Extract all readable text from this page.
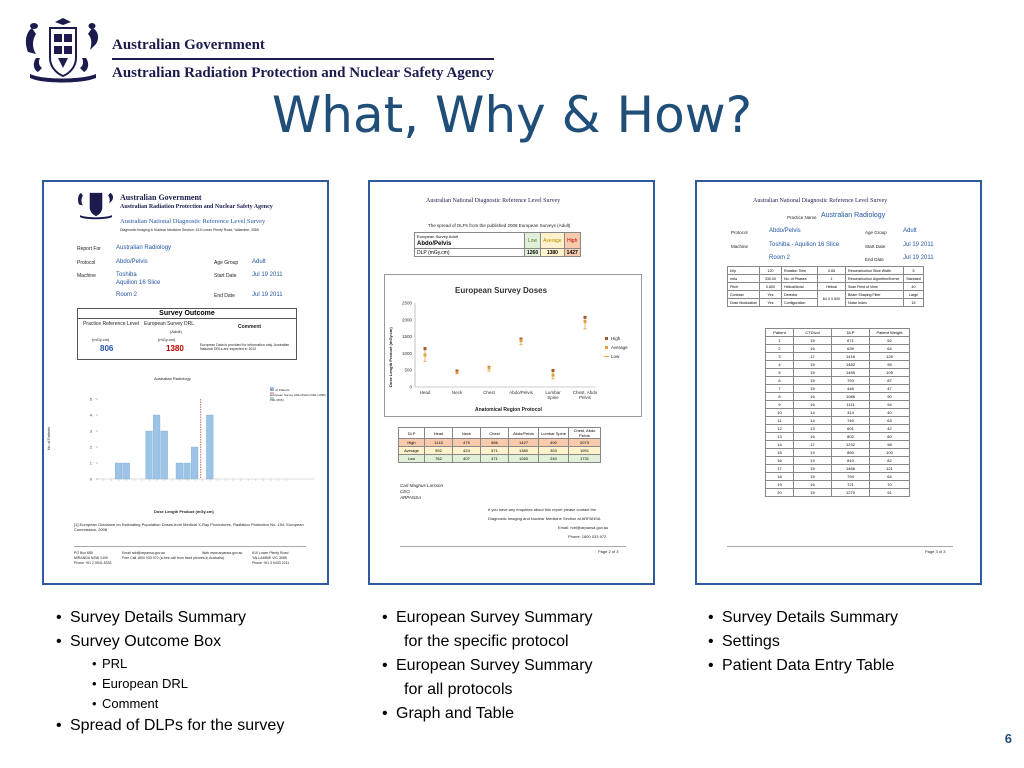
Australian Government
Australian Radiation Protection and Nuclear Safety Agency
What, Why & How?
Australian Government
Australian Radiation Protection and Nuclear Safety Agency
Australian National Diagnostic Reference Level Survey
Diagnostic Imaging & Nuclear Medicine Section, 619 Lower Plenty Road, Yallambie, 3085
Report For	Australian Radiology
Protocol	Abdo/Pelvis
Machine	Toshiba
Aquilion 16 Slice
Room 2
Age Group Adult
Start Date	Jul 19 2011
End Date	Jul 19 2011
Survey Outcome
Practice Reference Level	European Survey DRL
(Adult)
Comment
(mGy.cm)	(mGy.cm)
806	1380	European Data is provided for information only. Australian National DRLs are expected in 2012
Australian Radiology
0
1
2
3
4
5
No. of Patients
Dose Length Product (mGy.cm)
No. of Patients
European Survey Abdo/Pelvis DRL (1380)
PRL (806)
[1] European Guidance on Estimating Population Doses from Medical X-Ray Procedures, Radiation Protection No. 154, European Commission, 2008
PO Box 655
MIRANDA NSW 1490
Phone +61 2 9541 8333
Email ndrl@arpansa.gov.au
Free Call 1800 033 972 (a free call from fixed phones in Australia)
Web www.arpansa.gov.au	619 Lower Plenty Road
YALLAMBIE VIC 3085
Phone +61 3 9433 2211
Australian National Diagnostic Reference Level Survey
The spread of DLPs from the published 2008 European Surveys (Adult)
European Survey Adult	Low	Average	High
Abdo/Pelvis			
DLP (mGy.cm)	1260	1380	1427
European Survey Doses
0
500
1000
1500
2000
2500
Head	Neck	Chest	Abdo/Pelvis	Lumbar
Spine
Chest, Abdo
Pelvis
Dose Length Product (mGy.cm)
Anatomical Region Protocol
High
Average
Low
DLP	Head	Neck	Chest	Abdo/Pelvis	Lumbar Spine	Chest, Abdo Pelvis
High	1143	475	586	1427	490	2073
Average	952	424	571	1380	353	1951
Low	762	407	471	1260	240	1731
Carl-Magnus Larsson
CEO
ARPANSA
If you have any enquiries about this report please contact the
Diagnostic Imaging and Nuclear Medicine Section at ARPANSA
Email: ndrl@arpansa.gov.au
Phone: 1800 033 972
Page 2 of 3
Australian National Diagnostic Reference Level Survey
Practice Name Australian Radiology
Protocol	Abdo/Pelvis
Machine	Toshiba - Aquilion 16 Slice
Room 2
Age Group	Adult
Start Date	Jul 19 2011
End Date	Jul 19 2011
kVp	120	Rotation Time	0.65	Reconstruction Slice Width	5
mAs	330.00	No. of Phases	1	Reconstruction Algorithm/Kernel	Standard
Pitch	0.800	Helical/Axial	Helical	Scan Field of View	40
Contrast	Yes	Detector	64 X 0.500	Beam Shaping Filter	Large
Dose Modulation	Yes	Configuration		Noise Index	15
Patient	CTDIvol	DLP	Patient Weight
1	15	671	52
2	16	639	64
3	17	1416	126
4	15	1482	95
5	15	1455	105
6	15	793	87
7	15	446	47
8	16	1086	90
9	16	1111	94
10	14	314	40
11	14	740	63
12	13	601	42
13	16	802	80
14	17	1232	98
15	19	850	100
16	19	810	82
17	15	1466	121
18	15	794	64
19	16	721	70
20	15	1270	91
Page 3 of 3
• Survey Details Summary
• Survey Outcome Box
• PRL
• European DRL
• Comment
• Spread of DLPs for the survey
• European Survey Summary
for the specific protocol
• European Survey Summary
for all protocols
• Graph and Table
• Survey Details Summary
• Settings
• Patient Data Entry Table
6
